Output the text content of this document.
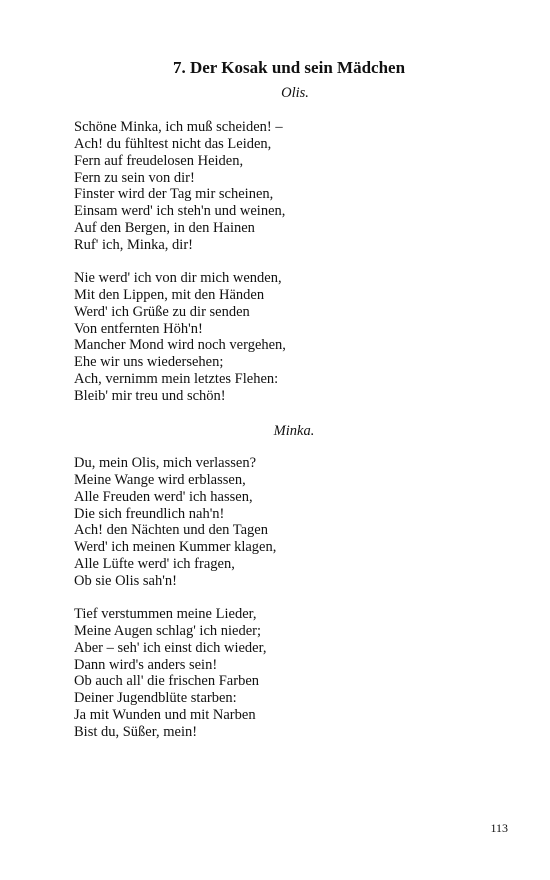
7. Der Kosak und sein Mädchen
Olis.
Schöne Minka, ich muß scheiden! –
Ach! du fühltest nicht das Leiden,
Fern auf freudelosen Heiden,
Fern zu sein von dir!
Finster wird der Tag mir scheinen,
Einsam werd' ich steh'n und weinen,
Auf den Bergen, in den Hainen
Ruf' ich, Minka, dir!
Nie werd' ich von dir mich wenden,
Mit den Lippen, mit den Händen
Werd' ich Grüße zu dir senden
Von entfernten Höh'n!
Mancher Mond wird noch vergehen,
Ehe wir uns wiedersehen;
Ach, vernimm mein letztes Flehen:
Bleib' mir treu und schön!
Minka.
Du, mein Olis, mich verlassen?
Meine Wange wird erblassen,
Alle Freuden werd' ich hassen,
Die sich freundlich nah'n!
Ach! den Nächten und den Tagen
Werd' ich meinen Kummer klagen,
Alle Lüfte werd' ich fragen,
Ob sie Olis sah'n!
Tief verstummen meine Lieder,
Meine Augen schlag' ich nieder;
Aber – seh' ich einst dich wieder,
Dann wird's anders sein!
Ob auch all' die frischen Farben
Deiner Jugendblüte starben:
Ja mit Wunden und mit Narben
Bist du, Süßer, mein!
113
